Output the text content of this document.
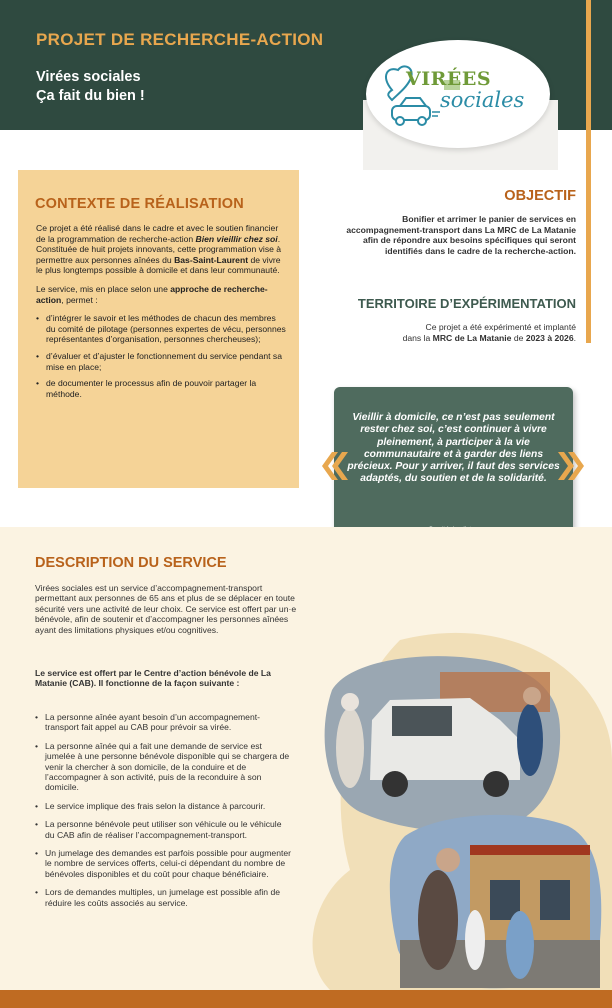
PROJET DE RECHERCHE-ACTION
Virées sociales
Ça fait du bien !
VIRÉES
sociales
CONTEXTE DE RÉALISATION

Ce projet a été réalisé dans le cadre et avec le soutien financier de la programmation de recherche-action Bien vieillir chez soi. Constituée de huit projets innovants, cette programmation vise à permettre aux personnes aînées du Bas-Saint-Laurent de vivre le plus longtemps possible à domicile et dans leur communauté.

Le service, mis en place selon une approche de recherche-action, permet :

• d’intégrer le savoir et les méthodes de chacun des membres du comité de pilotage (personnes expertes de vécu, personnes représentantes d’organisation, personnes chercheuses);
• d’évaluer et d’ajuster le fonctionnement du service pendant sa mise en place;
• de documenter le processus afin de pouvoir partager la méthode.
OBJECTIF
Bonifier et arrimer le panier de services en accompagnement-transport dans La MRC de La Matanie afin de répondre aux besoins spécifiques qui seront identifiés dans le cadre de la recherche-action.
TERRITOIRE D’EXPÉRIMENTATION
Ce projet a été expérimenté et implanté
dans la MRC de La Matanie de 2023 à 2026.
Vieillir à domicile, ce n’est pas seulement rester chez soi, c’est continuer à vivre pleinement, à participer à la vie communautaire et à garder des liens précieux. Pour y arriver, il faut des services adaptés, du soutien et de la solidarité.
DESCRIPTION DU SERVICE
Virées sociales est un service d’accompagnement-transport permettant aux personnes de 65 ans et plus de se déplacer en toute sécurité vers une activité de leur choix. Ce service est offert par un·e bénévole, afin de soutenir et d’accompagner les personnes aînées ayant des limitations physiques et/ou cognitives.
Le service est offert par le Centre d’action bénévole de La Matanie (CAB). Il fonctionne de la façon suivante :
• La personne aînée ayant besoin d’un accompagnement-transport fait appel au CAB pour prévoir sa virée.
• La personne aînée qui a fait une demande de service est jumelée à une personne bénévole disponible qui se chargera de venir la chercher à son domicile, de la conduire et de l’accompagner à son activité, puis de la reconduire à son domicile.
• Le service implique des frais selon la distance à parcourir.
• La personne bénévole peut utiliser son véhicule ou le véhicule du CAB afin de réaliser l’accompagnement-transport.
• Un jumelage des demandes est parfois possible pour augmenter le nombre de services offerts, celui-ci dépendant du nombre de bénévoles disponibles et du coût pour chaque bénéficiaire.
• Lors de demandes multiples, un jumelage est possible afin de réduire les coûts associés au service.
